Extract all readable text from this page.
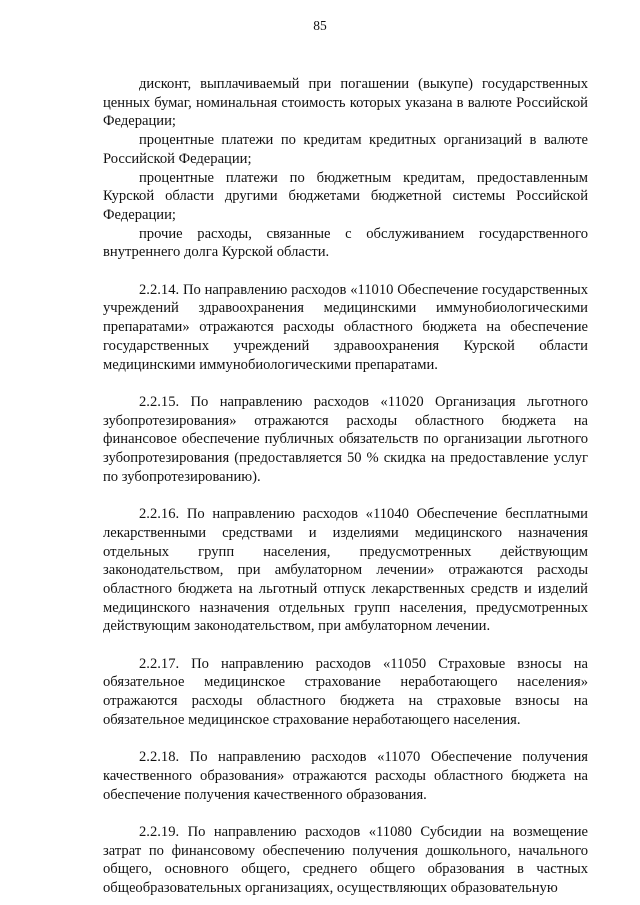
85

дисконт, выплачиваемый при погашении (выкупе) государственных ценных бумаг, номинальная стоимость которых указана в валюте Российской Федерации;

процентные платежи по кредитам кредитных организаций в валюте Российской Федерации;

процентные платежи по бюджетным кредитам, предоставленным Курской области другими бюджетами бюджетной системы Российской Федерации;

прочие расходы, связанные с обслуживанием государственного внутреннего долга Курской области.

2.2.14. По направлению расходов «11010 Обеспечение государственных учреждений здравоохранения медицинскими иммунобиологическими препаратами» отражаются расходы областного бюджета на обеспечение государственных учреждений здравоохранения Курской области медицинскими иммунобиологическими препаратами.

2.2.15. По направлению расходов «11020 Организация льготного зубопротезирования» отражаются расходы областного бюджета на финансовое обеспечение публичных обязательств по организации льготного зубопротезирования (предоставляется 50 % скидка на предоставление услуг по зубопротезированию).

2.2.16. По направлению расходов «11040 Обеспечение бесплатными лекарственными средствами и изделиями медицинского назначения отдельных групп населения, предусмотренных действующим законодательством, при амбулаторном лечении» отражаются расходы областного бюджета на льготный отпуск лекарственных средств и изделий медицинского назначения отдельных групп населения, предусмотренных действующим законодательством, при амбулаторном лечении.

2.2.17. По направлению расходов «11050 Страховые взносы на обязательное медицинское страхование неработающего населения» отражаются расходы областного бюджета на страховые взносы на обязательное медицинское страхование неработающего населения.

2.2.18. По направлению расходов «11070 Обеспечение получения качественного образования» отражаются расходы областного бюджета на обеспечение получения качественного образования.

2.2.19. По направлению расходов «11080 Субсидии на возмещение затрат по финансовому обеспечению получения дошкольного, начального общего, основного общего, среднего общего образования в частных общеобразовательных организациях, осуществляющих образовательную
